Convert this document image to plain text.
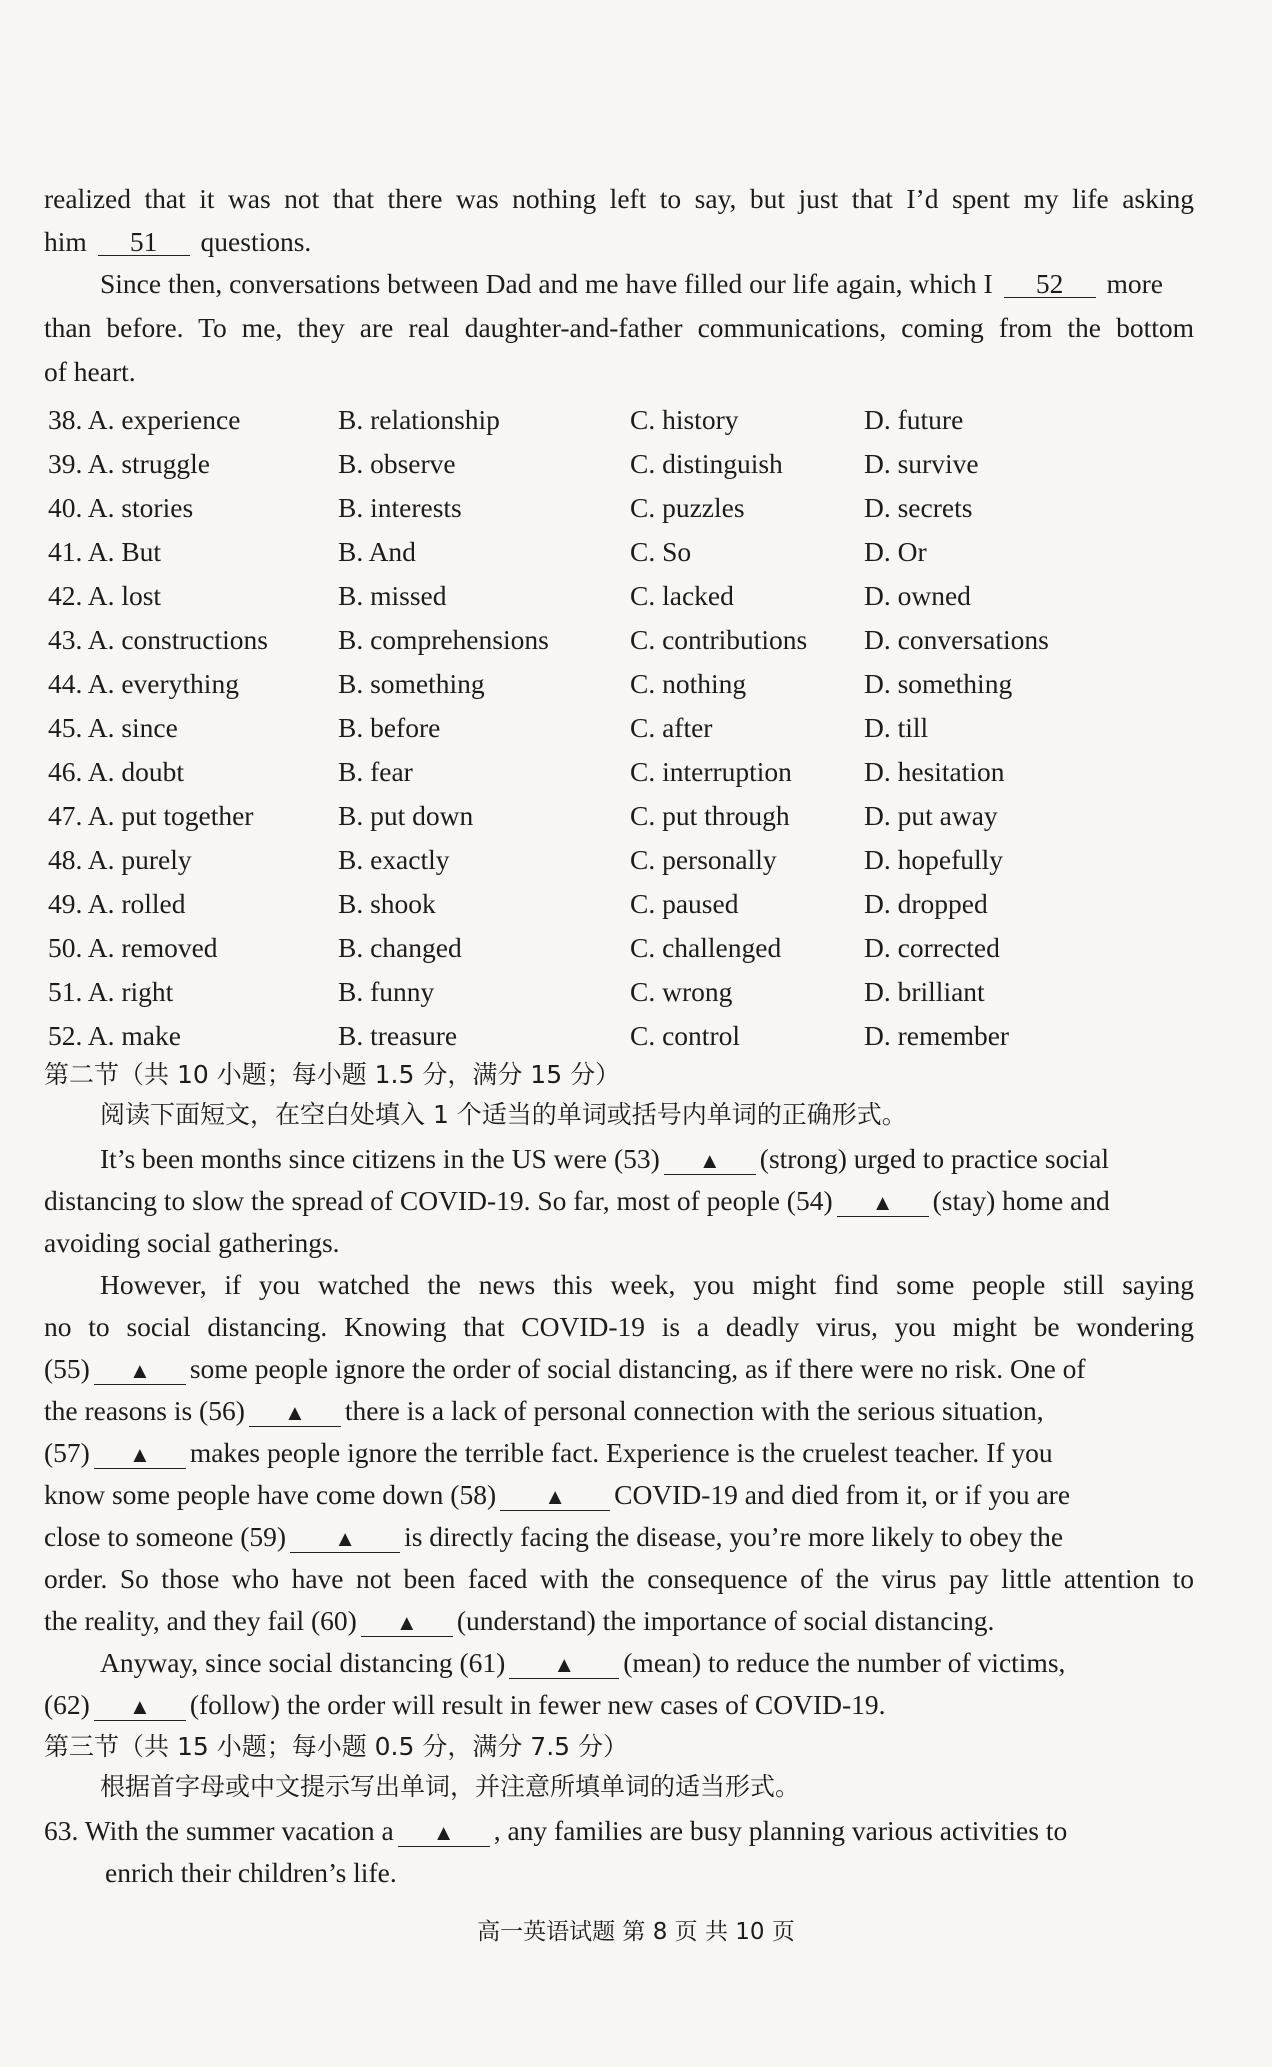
realized that it was not that there was nothing left to say, but just that I’d spent my life asking
him 51 questions.
Since then, conversations between Dad and me have filled our life again, which I 52 more
than before. To me, they are real daughter-and-father communications, coming from the bottom
of heart.
38. A. experience	B. relationship	C. history	D. future
39. A. struggle	B. observe	C. distinguish	D. survive
40. A. stories	B. interests	C. puzzles	D. secrets
41. A. But	B. And	C. So	D. Or
42. A. lost	B. missed	C. lacked	D. owned
43. A. constructions	B. comprehensions	C. contributions D. conversations
44. A. everything	B. something	C. nothing	D. something
45. A. since	B. before	C. after	D. till
46. A. doubt	B. fear	C. interruption	D. hesitation
47. A. put together	B. put down	C. put through	D. put away
48. A. purely	B. exactly	C. personally	D. hopefully
49. A. rolled	B. shook	C. paused	D. dropped
50. A. removed	B. changed	C. challenged	D. corrected
51. A. right	B. funny	C. wrong	D. brilliant
52. A. make	B. treasure	C. control	D. remember
第二节（共 10 小题；每小题 1.5 分，满分 15 分）
阅读下面短文，在空白处填入 1 个适当的单词或括号内单词的正确形式。
It’s been months since citizens in the US were (53) ▲ (strong) urged to practice social
distancing to slow the spread of COVID-19. So far, most of people (54) ▲ (stay) home and
avoiding social gatherings.
However, if you watched the news this week, you might find some people still saying
no to social distancing. Knowing that COVID-19 is a deadly virus, you might be wondering
(55) ▲ some people ignore the order of social distancing, as if there were no risk. One of
the reasons is (56) ▲ there is a lack of personal connection with the serious situation,
(57) ▲ makes people ignore the terrible fact. Experience is the cruelest teacher. If you
know some people have come down (58) ▲ COVID-19 and died from it, or if you are
close to someone (59) ▲ is directly facing the disease, you’re more likely to obey the
order. So those who have not been faced with the consequence of the virus pay little attention to
the reality, and they fail (60) ▲ (understand) the importance of social distancing.
Anyway, since social distancing (61) ▲ (mean) to reduce the number of victims,
(62) ▲ (follow) the order will result in fewer new cases of COVID-19.
第三节（共 15 小题；每小题 0.5 分，满分 7.5 分）
根据首字母或中文提示写出单词，并注意所填单词的适当形式。
63. With the summer vacation a ▲ , any families are busy planning various activities to
enrich their children’s life.
高一英语试题 第 8 页 共 10 页
